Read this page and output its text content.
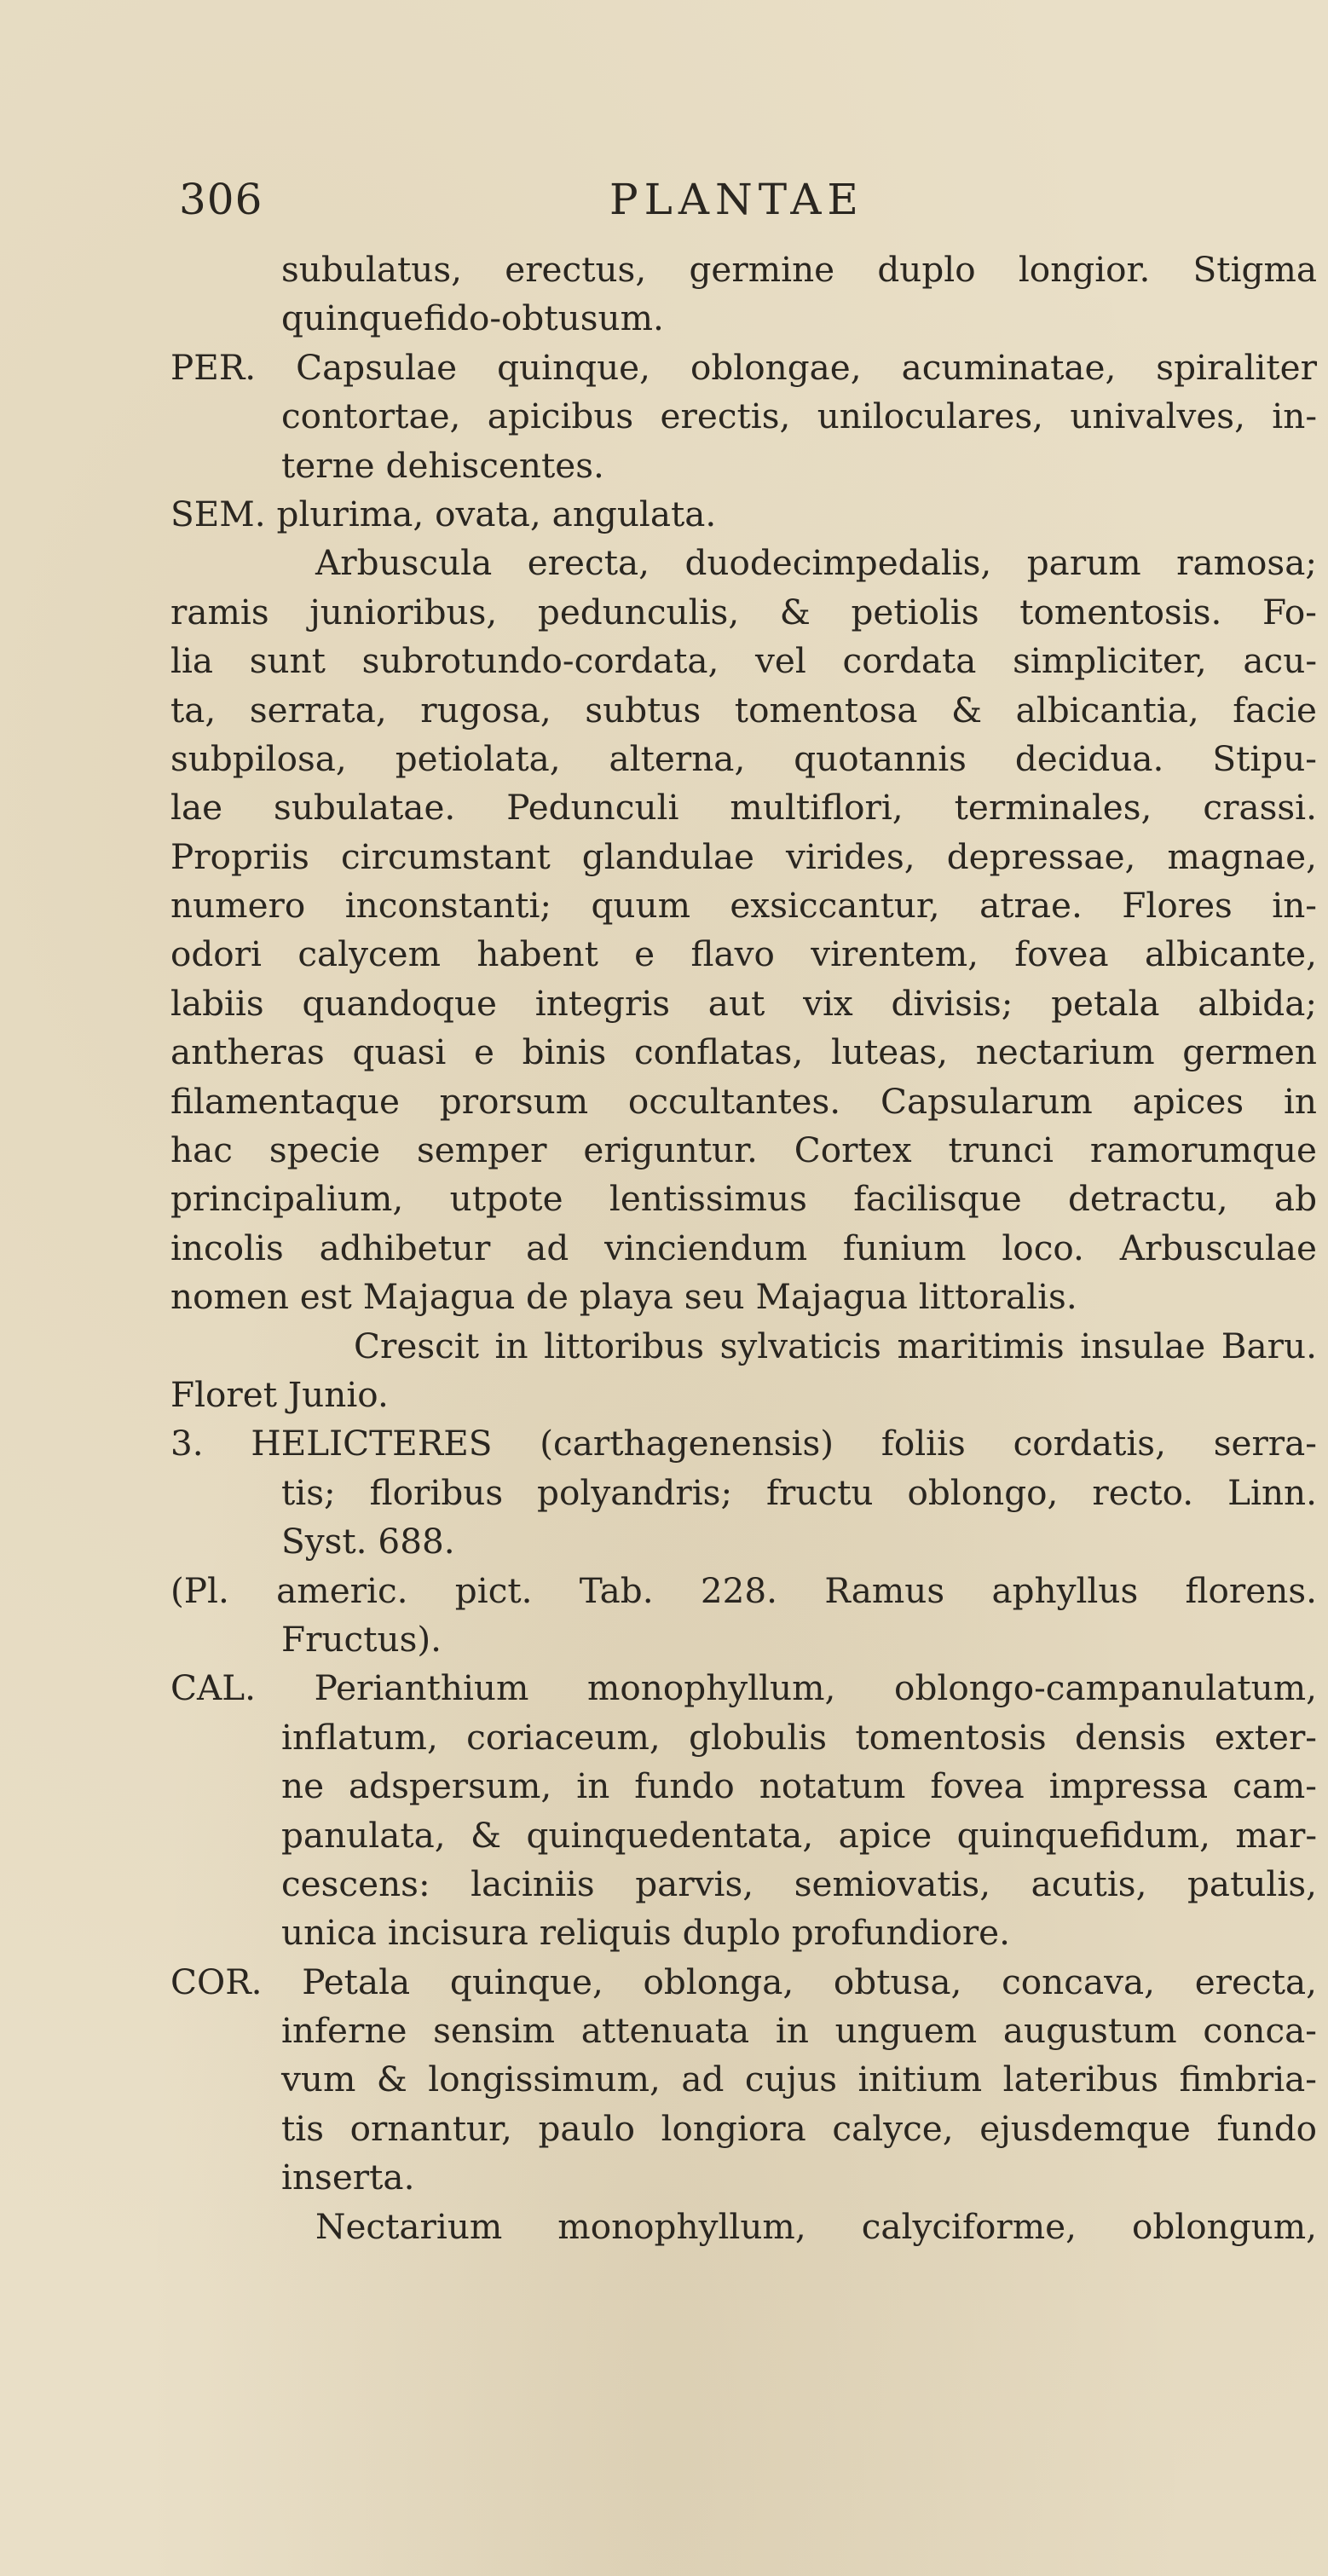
306	PLANTAE
subulatus, erectus, germine duplo longior. Stigma
quinquefido-obtusum.
PER. Capsulae quinque, oblongae, acuminatae, spiraliter
contortae, apicibus erectis, uniloculares, univalves, in-
terne dehiscentes.
SEM. plurima, ovata, angulata.
Arbuscula erecta, duodecimpedalis, parum ramosa;
ramis junioribus, pedunculis, & petiolis tomentosis. Fo-
lia sunt subrotundo-cordata, vel cordata simpliciter, acu-
ta, serrata, rugosa, subtus tomentosa & albicantia, facie
subpilosa, petiolata, alterna, quotannis decidua. Stipu-
lae subulatae. Pedunculi multiflori, terminales, crassi.
Propriis circumstant glandulae virides, depressae, magnae,
numero inconstanti; quum exsiccantur, atrae. Flores in-
odori calycem habent e flavo virentem, fovea albicante,
labiis quandoque integris aut vix divisis; petala albida;
antheras quasi e binis conflatas, luteas, nectarium germen
filamentaque prorsum occultantes. Capsularum apices in
hac specie semper eriguntur. Cortex trunci ramorumque
principalium, utpote lentissimus facilisque detractu, ab
incolis adhibetur ad vinciendum funium loco. Arbusculae
nomen est Majagua de playa seu Majagua littoralis.
Crescit in littoribus sylvaticis maritimis insulae Baru.
Floret Junio.
3. HELICTERES (carthagenensis) foliis cordatis, serra-
tis; floribus polyandris; fructu oblongo, recto. Linn.
Syst. 688.
(Pl. americ. pict. Tab. 228. Ramus aphyllus florens.
Fructus).
CAL. Perianthium monophyllum, oblongo-campanulatum,
inflatum, coriaceum, globulis tomentosis densis exter-
ne adspersum, in fundo notatum fovea impressa cam-
panulata, & quinquedentata, apice quinquefidum, mar-
cescens: laciniis parvis, semiovatis, acutis, patulis,
unica incisura reliquis duplo profundiore.
COR. Petala quinque, oblonga, obtusa, concava, erecta,
inferne sensim attenuata in unguem augustum conca-
vum & longissimum, ad cujus initium lateribus fimbria-
tis ornantur, paulo longiora calyce, ejusdemque fundo
inserta.
Nectarium monophyllum, calyciforme, oblongum,
